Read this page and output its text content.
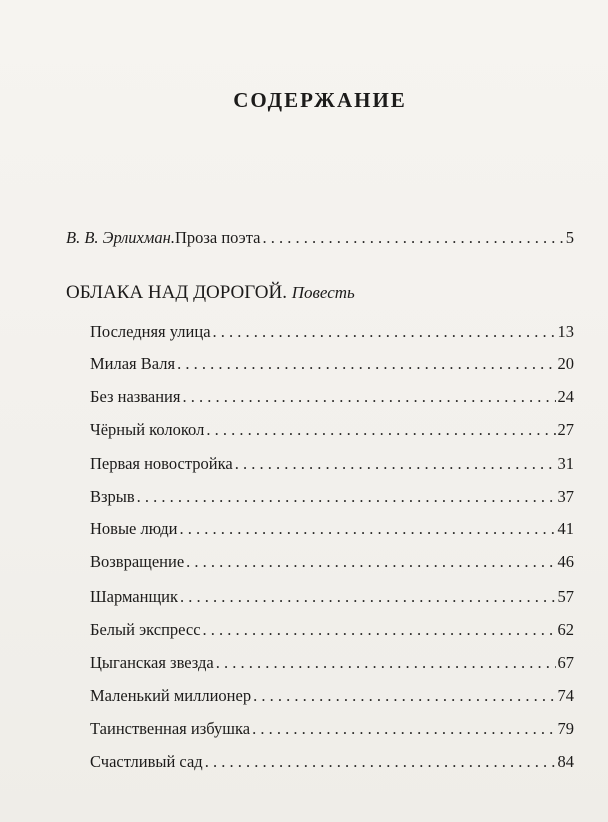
СОДЕРЖАНИЕ
В. В. Эрлихман. Проза поэта . . .	5
ОБЛАКА НАД ДОРОГОЙ. Повесть
Последняя улица . . .	13
Милая Валя . . .	20
Без названия . . .	24
Чёрный колокол . . .	27
Первая новостройка . . .	31
Взрыв . . .	37
Новые люди . . .	41
Возвращение . . .	46
Шарманщик . . .	57
Белый экспресс . . .	62
Цыганская звезда . . .	67
Маленький миллионер . . .	74
Таинственная избушка . . .	79
Счастливый сад . . .	84
